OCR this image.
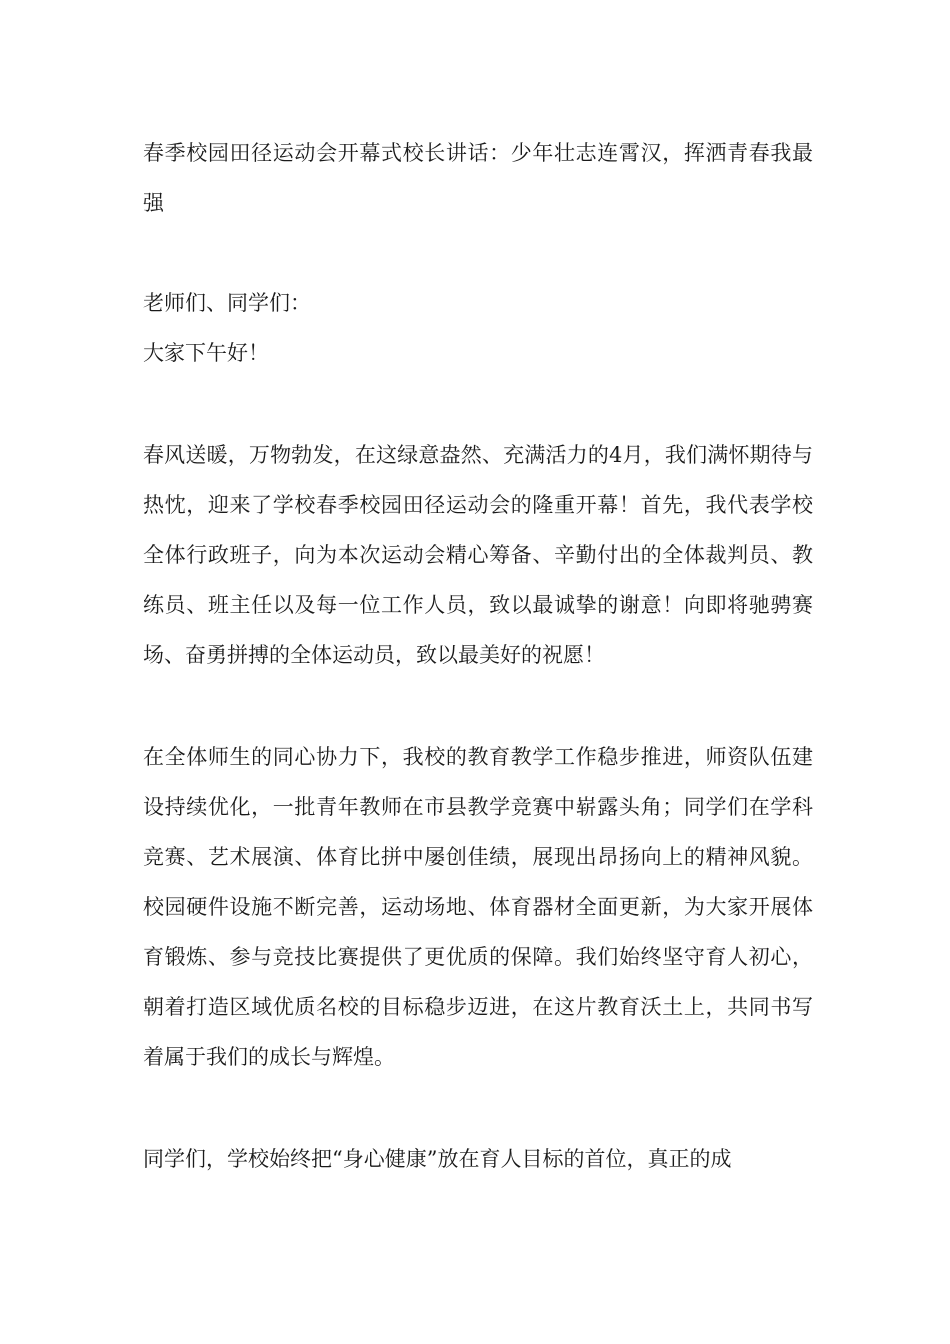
春季校园田径运动会开幕式校长讲话：少年壮志连霄汉，挥洒青春我最强

老师们、同学们：

大家下午好！

春风送暖，万物勃发，在这绿意盎然、充满活力的4月，我们满怀期待与热忱，迎来了学校春季校园田径运动会的隆重开幕！首先，我代表学校全体行政班子，向为本次运动会精心筹备、辛勤付出的全体裁判员、教练员、班主任以及每一位工作人员，致以最诚挚的谢意！向即将驰骋赛场、奋勇拼搏的全体运动员，致以最美好的祝愿！

在全体师生的同心协力下，我校的教育教学工作稳步推进，师资队伍建设持续优化，一批青年教师在市县教学竞赛中崭露头角；同学们在学科竞赛、艺术展演、体育比拼中屡创佳绩，展现出昂扬向上的精神风貌。校园硬件设施不断完善，运动场地、体育器材全面更新，为大家开展体育锻炼、参与竞技比赛提供了更优质的保障。我们始终坚守育人初心，朝着打造区域优质名校的目标稳步迈进，在这片教育沃土上，共同书写着属于我们的成长与辉煌。

同学们，学校始终把“身心健康”放在育人目标的首位，真正的成
